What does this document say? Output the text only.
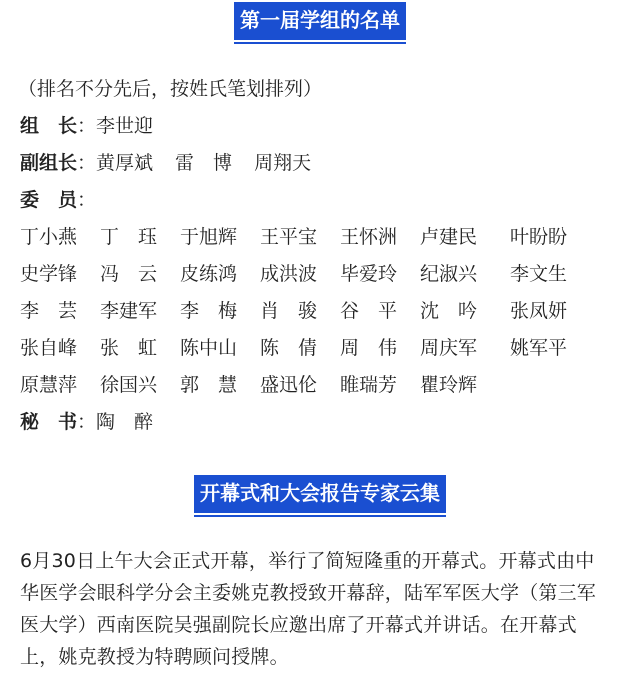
第一届学组的名单
（排名不分先后，按姓氏笔划排列）
组　长：李世迎
副组长：黄厚斌 雷　博 周翔天
委　员：
丁小燕 丁　珏 于旭辉 王平宝 王怀洲 卢建民 叶盼盼
史学锋 冯　云 皮练鸿 成洪波 毕爱玲 纪淑兴 李文生
李　芸 李建军 李　梅 肖　骏 谷　平 沈　吟 张凤妍
张自峰 张　虹 陈中山 陈　倩 周　伟 周庆军 姚军平
原慧萍 徐国兴 郭　慧 盛迅伦 睢瑞芳 瞿玲辉
秘　书：陶　醉
开幕式和大会报告专家云集
6月30日上午大会正式开幕，举行了简短隆重的开幕式。开幕式由中
华医学会眼科学分会主委姚克教授致开幕辞，陆军军医大学（第三军
医大学）西南医院吴强副院长应邀出席了开幕式并讲话。在开幕式
上，姚克教授为特聘顾问授牌。
